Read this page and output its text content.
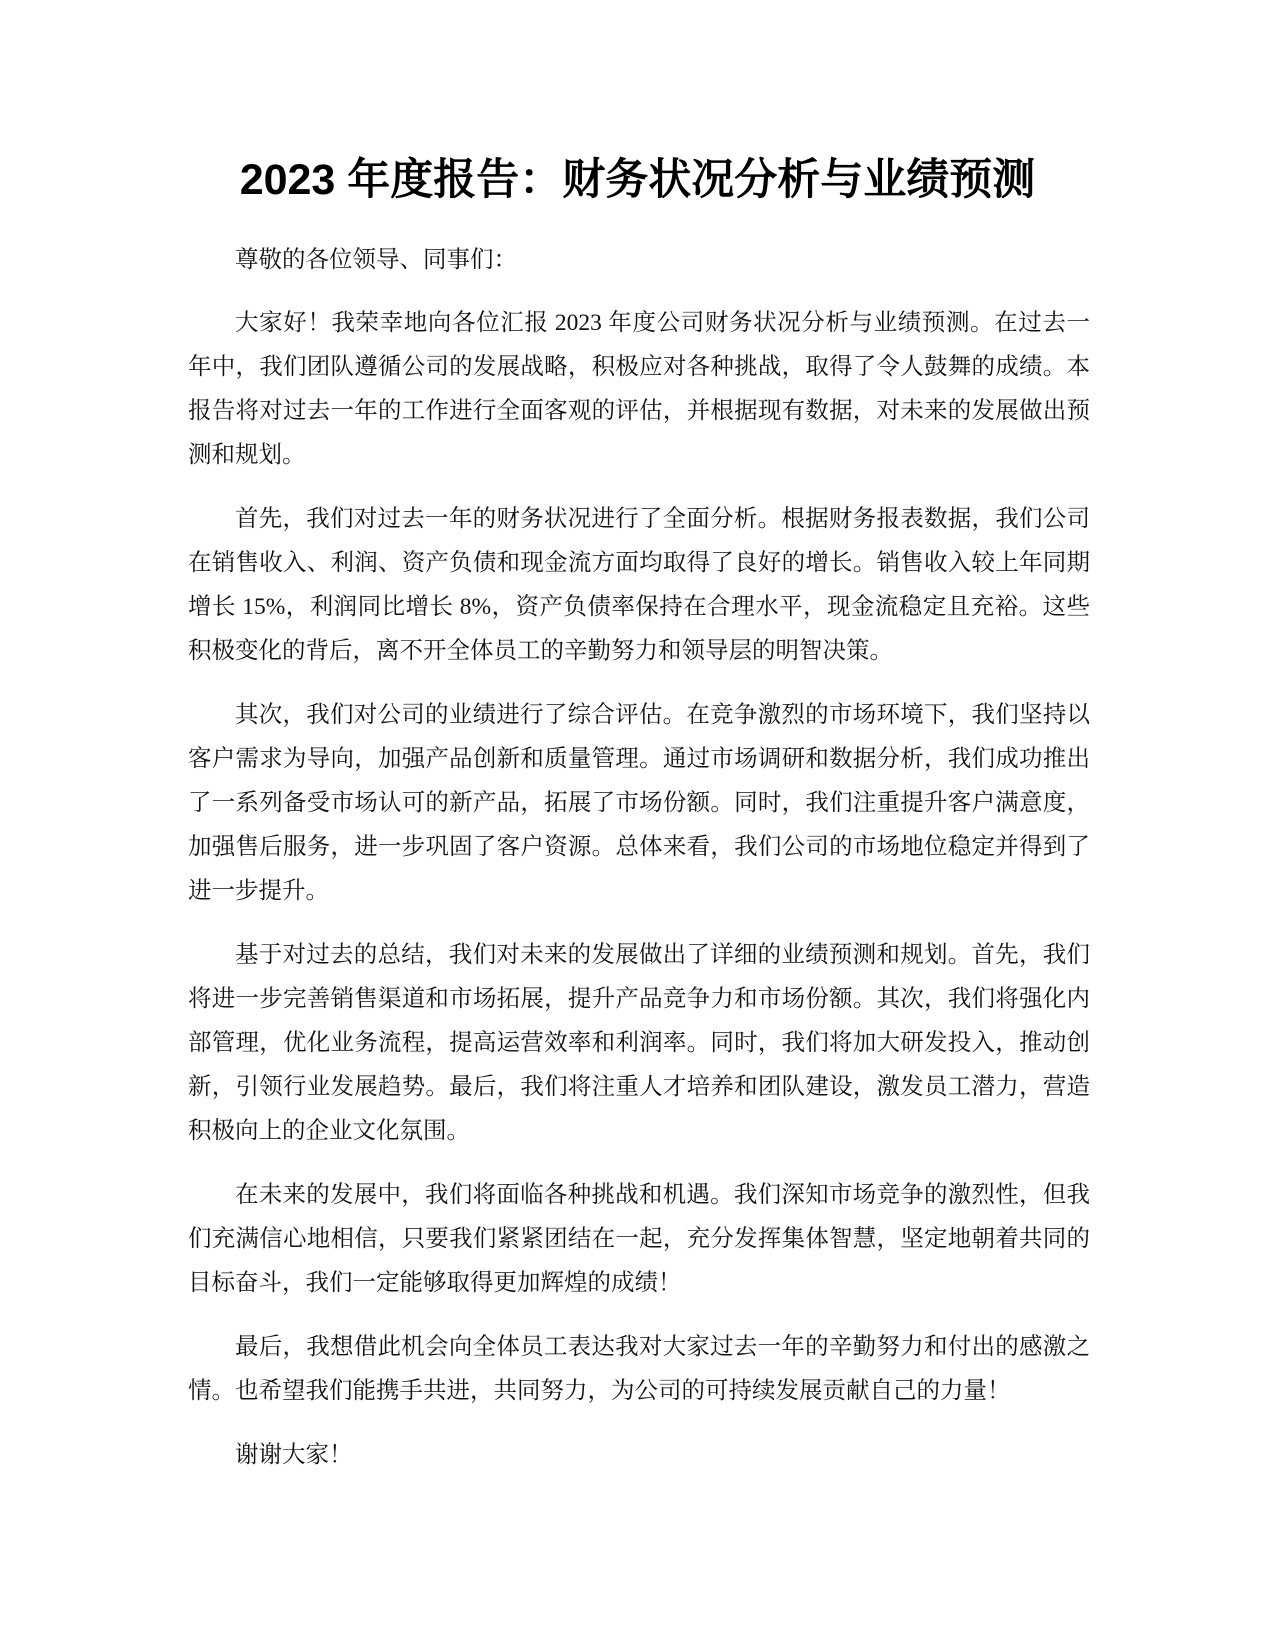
2023 年度报告：财务状况分析与业绩预测

尊敬的各位领导、同事们：

大家好！我荣幸地向各位汇报 2023 年度公司财务状况分析与业绩预测。在过去一年中，我们团队遵循公司的发展战略，积极应对各种挑战，取得了令人鼓舞的成绩。本报告将对过去一年的工作进行全面客观的评估，并根据现有数据，对未来的发展做出预测和规划。

首先，我们对过去一年的财务状况进行了全面分析。根据财务报表数据，我们公司在销售收入、利润、资产负债和现金流方面均取得了良好的增长。销售收入较上年同期增长 15%，利润同比增长 8%，资产负债率保持在合理水平，现金流稳定且充裕。这些积极变化的背后，离不开全体员工的辛勤努力和领导层的明智决策。

其次，我们对公司的业绩进行了综合评估。在竞争激烈的市场环境下，我们坚持以客户需求为导向，加强产品创新和质量管理。通过市场调研和数据分析，我们成功推出了一系列备受市场认可的新产品，拓展了市场份额。同时，我们注重提升客户满意度，加强售后服务，进一步巩固了客户资源。总体来看，我们公司的市场地位稳定并得到了进一步提升。

基于对过去的总结，我们对未来的发展做出了详细的业绩预测和规划。首先，我们将进一步完善销售渠道和市场拓展，提升产品竞争力和市场份额。其次，我们将强化内部管理，优化业务流程，提高运营效率和利润率。同时，我们将加大研发投入，推动创新，引领行业发展趋势。最后，我们将注重人才培养和团队建设，激发员工潜力，营造积极向上的企业文化氛围。

在未来的发展中，我们将面临各种挑战和机遇。我们深知市场竞争的激烈性，但我们充满信心地相信，只要我们紧紧团结在一起，充分发挥集体智慧，坚定地朝着共同的目标奋斗，我们一定能够取得更加辉煌的成绩！

最后，我想借此机会向全体员工表达我对大家过去一年的辛勤努力和付出的感激之情。也希望我们能携手共进，共同努力，为公司的可持续发展贡献自己的力量！

谢谢大家！
